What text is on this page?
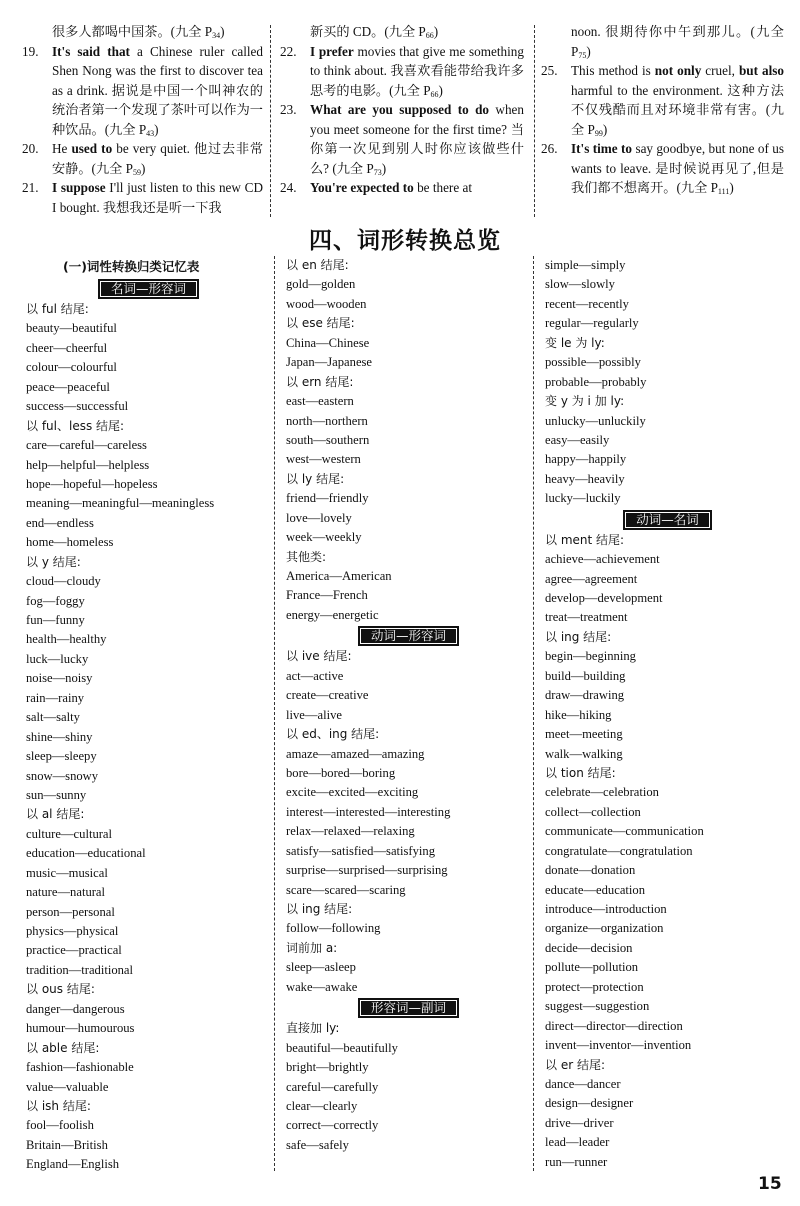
很多人都喝中国茶。(九全 $P_{34}$)
19. It's said that a Chinese ruler called Shen Nong was the first to discover tea as a drink. 据说是中国一个叫神农的统治者第一个发现了茶叶可以作为一种饮品。(九全 $P_{43}$)
20. He used to be very quiet. 他过去非常安静。(九全 $P_{59}$)
21. I suppose I'll just listen to this new CD I bought. 我想我还是听一下我
新买的 CD。(九全 $P_{66}$)
22. I prefer movies that give me something to think about. 我喜欢看能带给我许多思考的电影。(九全 $P_{66}$)
23. What are you supposed to do when you meet someone for the first time? 当你第一次见到别人时你应该做些什么? (九全 $P_{73}$)
24. You're expected to be there at
noon. 很期待你中午到那儿。(九全 $P_{75}$)
25. This method is not only cruel, but also harmful to the environment. 这种方法不仅残酷而且对环境非常有害。(九全 $P_{99}$)
26. It's time to say goodbye, but none of us wants to leave. 是时候说再见了,但是我们都不想离开。(九全 $P_{111}$)
四、词形转换总览
(一)词性转换归类记忆表
名词—形容词
以 ful 结尾:
beauty—beautiful
cheer—cheerful
colour—colourful
peace—peaceful
success—successful
以 ful、less 结尾:
care—careful—careless
help—helpful—helpless
hope—hopeful—hopeless
meaning—meaningful—meaningless
end—endless
home—homeless
以 y 结尾:
cloud—cloudy
fog—foggy
fun—funny
health—healthy
luck—lucky
noise—noisy
rain—rainy
salt—salty
shine—shiny
sleep—sleepy
snow—snowy
sun—sunny
以 al 结尾:
culture—cultural
education—educational
music—musical
nature—natural
person—personal
physics—physical
practice—practical
tradition—traditional
以 ous 结尾:
danger—dangerous
humour—humourous
以 able 结尾:
fashion—fashionable
value—valuable
以 ish 结尾:
fool—foolish
Britain—British
England—English
以 en 结尾:
gold—golden
wood—wooden
以 ese 结尾:
China—Chinese
Japan—Japanese
以 ern 结尾:
east—eastern
north—northern
south—southern
west—western
以 ly 结尾:
friend—friendly
love—lovely
week—weekly
其他类:
America—American
France—French
energy—energetic
动词—形容词
以 ive 结尾:
act—active
create—creative
live—alive
以 ed、ing 结尾:
amaze—amazed—amazing
bore—bored—boring
excite—excited—exciting
interest—interested—interesting
relax—relaxed—relaxing
satisfy—satisfied—satisfying
surprise—surprised—surprising
scare—scared—scaring
以 ing 结尾:
follow—following
词前加 a:
sleep—asleep
wake—awake
形容词—副词
直接加 ly:
beautiful—beautifully
bright—brightly
careful—carefully
clear—clearly
correct—correctly
safe—safely
simple—simply
slow—slowly
recent—recently
regular—regularly
变 le 为 ly:
possible—possibly
probable—probably
变 y 为 i 加 ly:
unlucky—unluckily
easy—easily
happy—happily
heavy—heavily
lucky—luckily
动词—名词
以 ment 结尾:
achieve—achievement
agree—agreement
develop—development
treat—treatment
以 ing 结尾:
begin—beginning
build—building
draw—drawing
hike—hiking
meet—meeting
walk—walking
以 tion 结尾:
celebrate—celebration
collect—collection
communicate—communication
congratulate—congratulation
donate—donation
educate—education
introduce—introduction
organize—organization
decide—decision
pollute—pollution
protect—protection
suggest—suggestion
direct—director—direction
invent—inventor—invention
以 er 结尾:
dance—dancer
design—designer
drive—driver
lead—leader
run—runner
15
